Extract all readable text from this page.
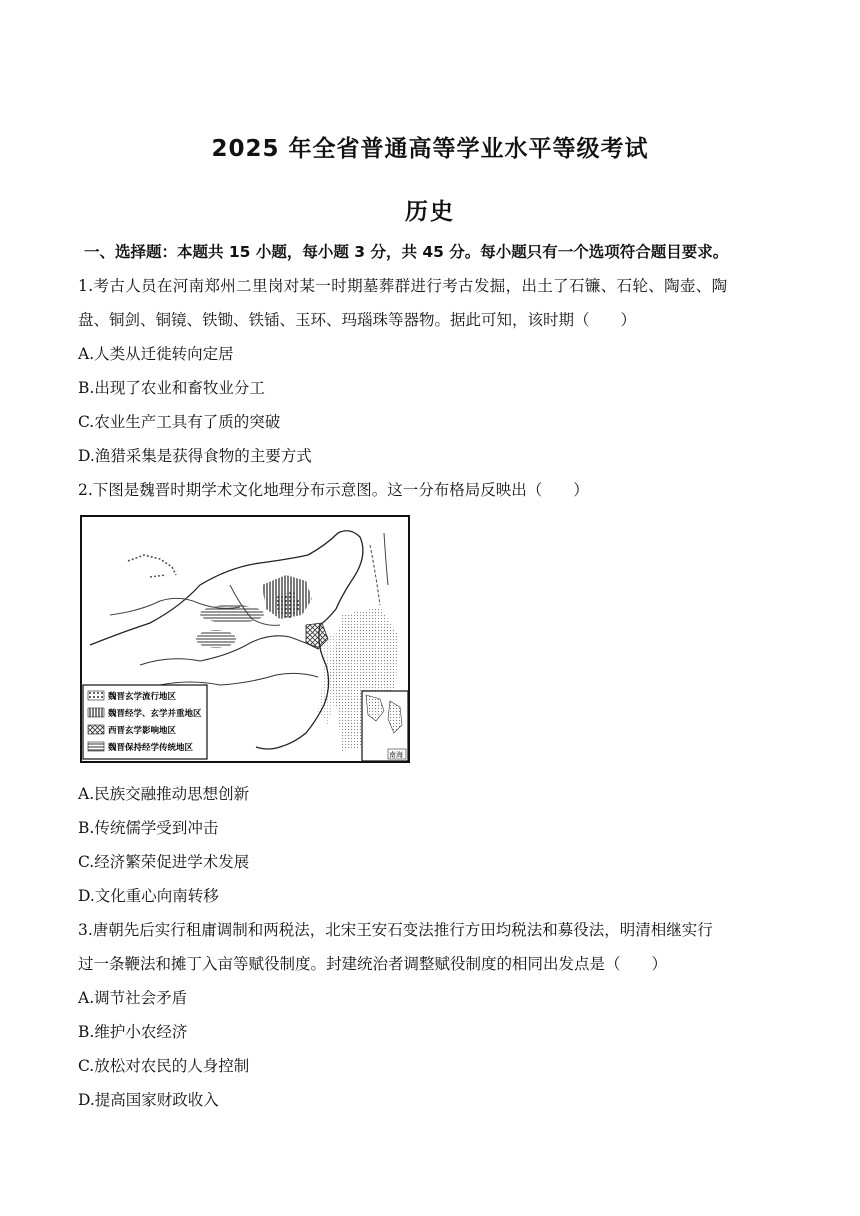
2025 年全省普通高等学业水平等级考试
历史
一、选择题：本题共 15 小题，每小题 3 分，共 45 分。每小题只有一个选项符合题目要求。
1.考古人员在河南郑州二里岗对某一时期墓葬群进行考古发掘，出土了石镰、石轮、陶壶、陶
盘、铜剑、铜镜、铁锄、铁锸、玉环、玛瑙珠等器物。据此可知，该时期（　　）
A.人类从迁徙转向定居
B.出现了农业和畜牧业分工
C.农业生产工具有了质的突破
D.渔猎采集是获得食物的主要方式
2.下图是魏晋时期学术文化地理分布示意图。这一分布格局反映出（　　）
魏晋玄学流行地区
魏晋经学、玄学并重地区
西晋玄学影响地区
魏晋保持经学传统地区
南海
A.民族交融推动思想创新
B.传统儒学受到冲击
C.经济繁荣促进学术发展
D.文化重心向南转移
3.唐朝先后实行租庸调制和两税法，北宋王安石变法推行方田均税法和募役法，明清相继实行
过一条鞭法和摊丁入亩等赋役制度。封建统治者调整赋役制度的相同出发点是（　　）
A.调节社会矛盾
B.维护小农经济
C.放松对农民的人身控制
D.提高国家财政收入
